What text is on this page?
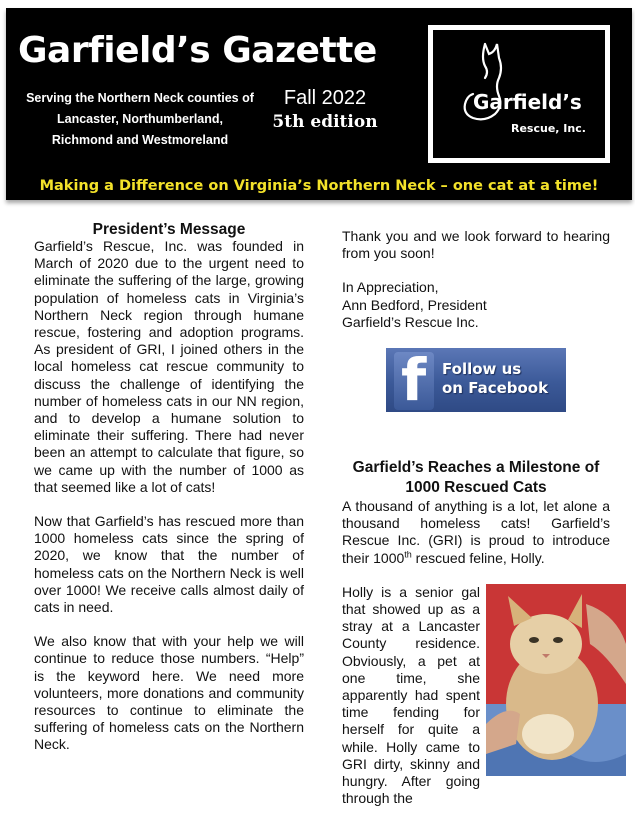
Garfield’s Gazette
Serving the Northern Neck counties of Lancaster, Northumberland, Richmond and Westmoreland
Fall 2022
5th edition
Garfield’s
Rescue, Inc.
Making a Difference on Virginia’s Northern Neck – one cat at a time!
President’s Message

Garfield’s Rescue, Inc. was founded in March of 2020 due to the urgent need to eliminate the suffering of the large, growing population of homeless cats in Virginia’s Northern Neck region through humane rescue, fostering and adoption programs. As president of GRI, I joined others in the local homeless cat rescue community to discuss the challenge of identifying the number of homeless cats in our NN region, and to develop a humane solution to eliminate their suffering. There had never been an attempt to calculate that figure, so we came up with the number of 1000 as that seemed like a lot of cats!

Now that Garfield’s has rescued more than 1000 homeless cats since the spring of 2020, we know that the number of homeless cats on the Northern Neck is well over 1000! We receive calls almost daily of cats in need.

We also know that with your help we will continue to reduce those numbers. “Help” is the keyword here. We need more volunteers, more donations and community resources to continue to eliminate the suffering of homeless cats on the Northern Neck.

Thank you and we look forward to hearing from you soon!

In Appreciation,

Ann Bedford, President

Garfield’s Rescue Inc.

f Follow us
on Facebook
Garfield’s Reaches a Milestone of 1000 Rescued Cats

A thousand of anything is a lot, let alone a thousand homeless cats! Garfield’s Rescue Inc. (GRI) is proud to introduce their 1000th rescued feline, Holly.

Holly is a senior gal that showed up as a stray at a Lancaster County residence. Obviously, a pet at one time, she apparently had spent time fending for herself for quite a while. Holly came to GRI dirty, skinny and hungry. After going through the
